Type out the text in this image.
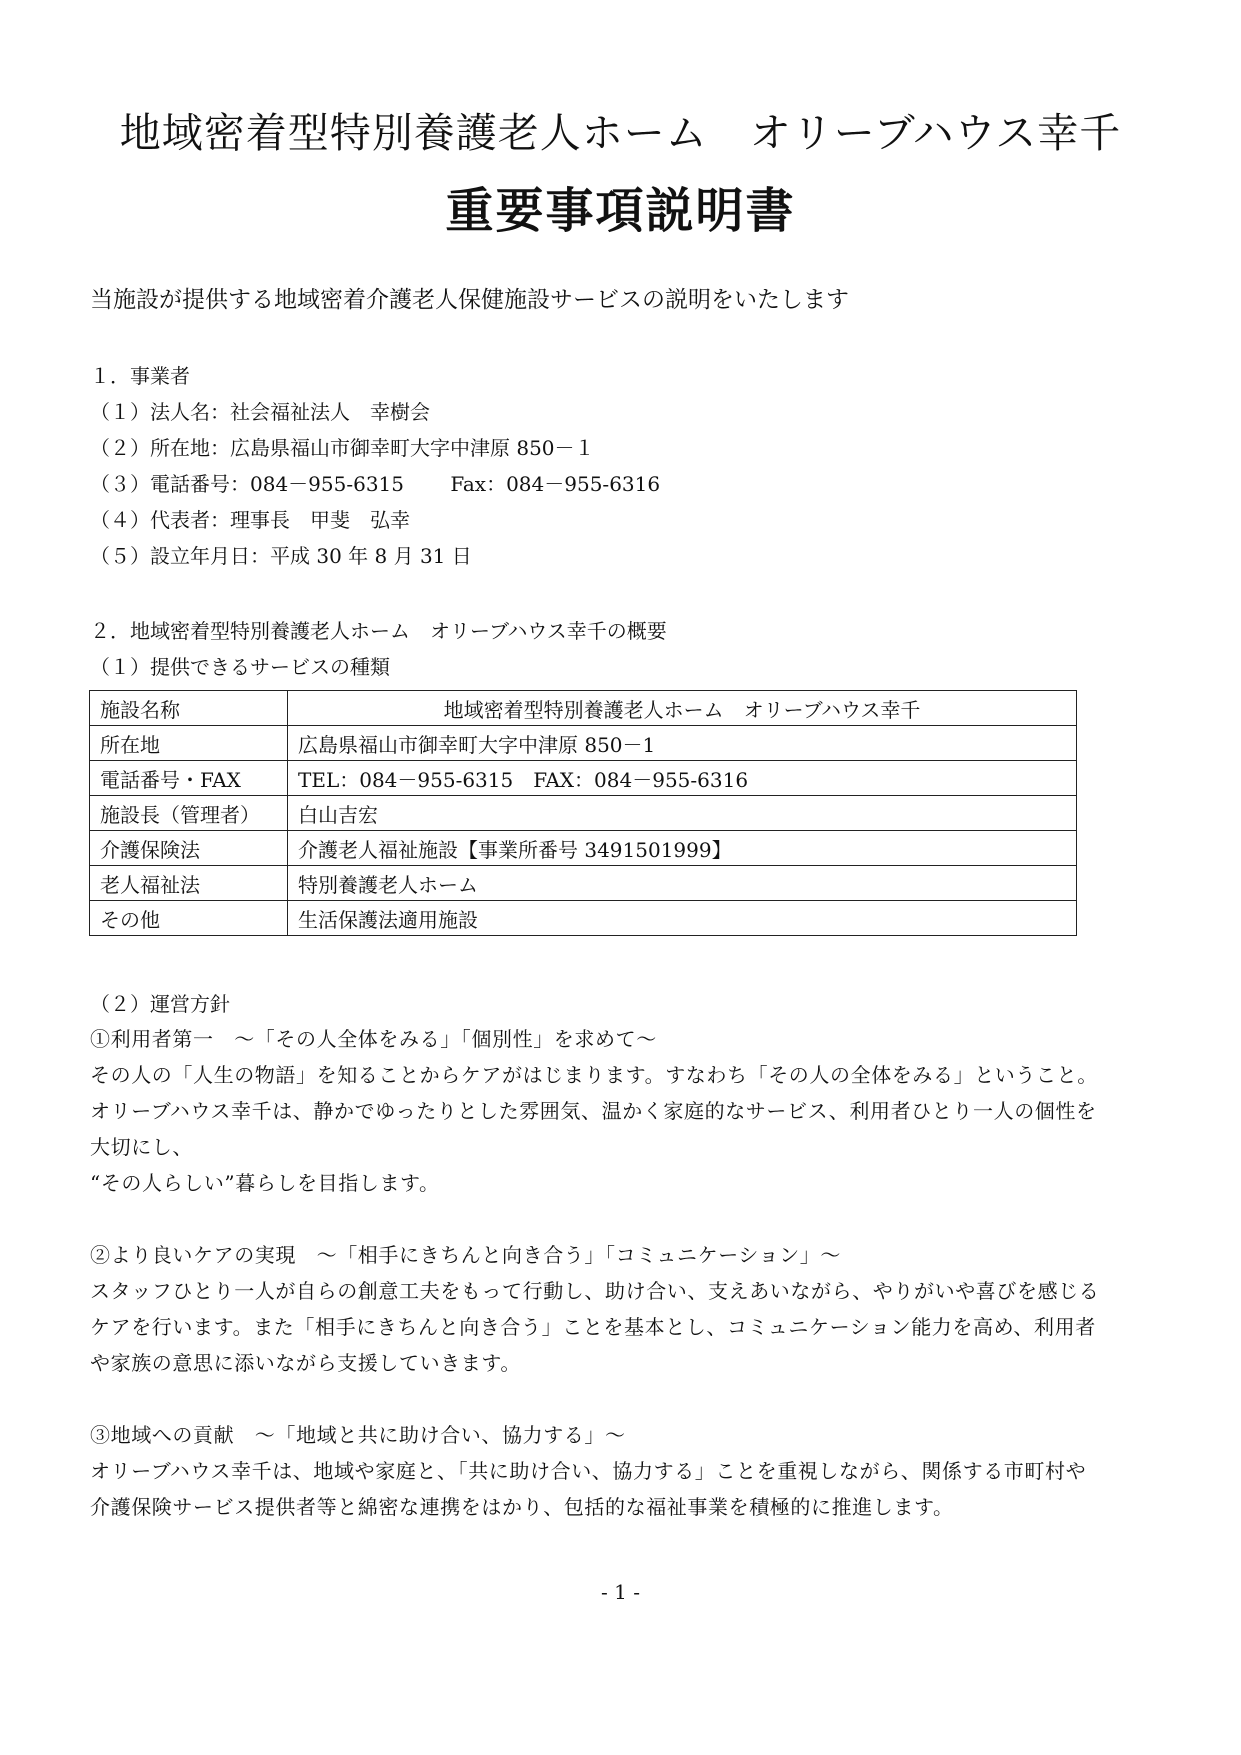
地域密着型特別養護老人ホーム　オリーブハウス幸千
重要事項説明書
当施設が提供する地域密着介護老人保健施設サービスの説明をいたします
１．事業者
（１）法人名：社会福祉法人　幸樹会
（２）所在地：広島県福山市御幸町大字中津原 850－１
（３）電話番号：084－955-6315　　 Fax：084－955-6316
（４）代表者：理事長　甲斐　弘幸
（５）設立年月日：平成 30 年 8 月 31 日
２．地域密着型特別養護老人ホーム　オリーブハウス幸千の概要
（１）提供できるサービスの種類
施設名称	地域密着型特別養護老人ホーム　オリーブハウス幸千
所在地	広島県福山市御幸町大字中津原 850－1
電話番号・FAX	TEL：084－955-6315　FAX：084－955-6316
施設長（管理者）	白山吉宏
介護保険法	介護老人福祉施設【事業所番号 3491501999】
老人福祉法	特別養護老人ホーム
その他	生活保護法適用施設
（２）運営方針
①利用者第一　～「その人全体をみる」「個別性」を求めて～
その人の「人生の物語」を知ることからケアがはじまります。すなわち「その人の全体をみる」ということ。
オリーブハウス幸千は、静かでゆったりとした雰囲気、温かく家庭的なサービス、利用者ひとり一人の個性を
大切にし、
“その人らしい”暮らしを目指します。
②より良いケアの実現　～「相手にきちんと向き合う」「コミュニケーション」～
スタッフひとり一人が自らの創意工夫をもって行動し、助け合い、支えあいながら、やりがいや喜びを感じる
ケアを行います。また「相手にきちんと向き合う」ことを基本とし、コミュニケーション能力を高め、利用者
や家族の意思に添いながら支援していきます。
③地域への貢献　～「地域と共に助け合い、協力する」～
オリーブハウス幸千は、地域や家庭と、「共に助け合い、協力する」ことを重視しながら、関係する市町村や
介護保険サービス提供者等と綿密な連携をはかり、包括的な福祉事業を積極的に推進します。
- 1 -
